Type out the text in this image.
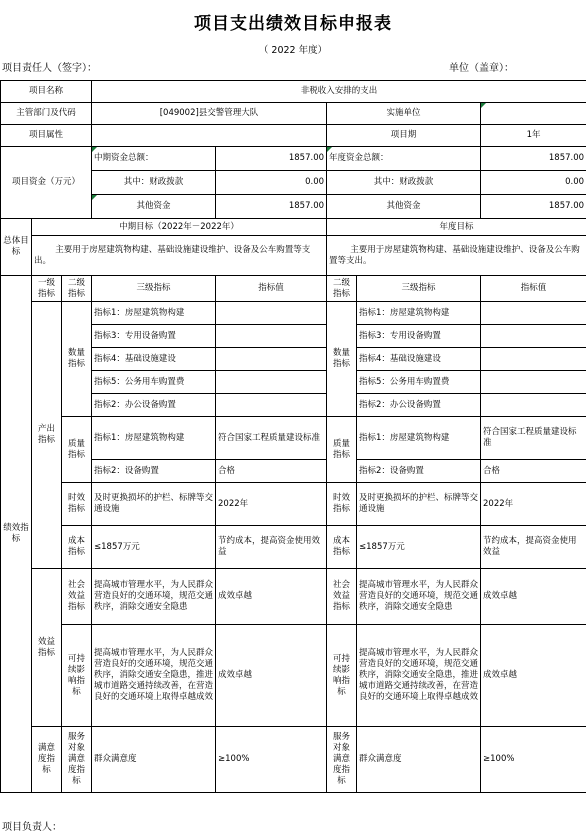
项目支出绩效目标申报表
（ 2022 年度）
项目责任人（签字）：	单位（盖章）：
项目名称			非税收入安排的支出				
主管部门及代码			[049002]县交警管理大队		实施单位		
项目属性					项目期		1年
项目资金（万元）			中期资金总额：	1857.00	年度资金总额：		1857.00
			其中：财政拨款	0.00	其中：财政拨款		0.00
			其他资金	1857.00	其他资金		1857.00
总体目标	中期目标（2022年－2022年）				年度目标		
	主要用于房屋建筑物构建、基础设施建设维护、设备及公车购置等支出。				主要用于房屋建筑物构建、基础设施建设维护、设备及公车购置等支出。		
绩效指标	一级指标	二级指标	三级指标	指标值	二级指标	三级指标	指标值
	产出指标	数量指标	指标1：房屋建筑物构建		数量指标	指标1：房屋建筑物构建	
			指标3：专用设备购置			指标3：专用设备购置	
			指标4：基础设施建设			指标4：基础设施建设	
			指标5：公务用车购置费			指标5：公务用车购置费	
			指标2：办公设备购置			指标2：办公设备购置	
		质量指标	指标1：房屋建筑物构建	符合国家工程质量建设标准	质量指标	指标1：房屋建筑物构建	符合国家工程质量建设标准
			指标2：设备购置	合格		指标2：设备购置	合格
		时效指标	及时更换损坏的护栏、标牌等交通设施	2022年	时效指标	及时更换损坏的护栏、标牌等交通设施	2022年
		成本指标	≤1857万元	节约成本，提高资金使用效益	成本指标	≤1857万元	节约成本，提高资金使用效益
	效益指标	社会效益指标	提高城市管理水平，为人民群众营造良好的交通环境，规范交通秩序，消除交通安全隐患	成效卓越	社会效益指标	提高城市管理水平，为人民群众营造良好的交通环境，规范交通秩序，消除交通安全隐患	成效卓越
		可持续影响指标	提高城市管理水平，为人民群众营造良好的交通环境，规范交通秩序，消除交通安全隐患，推进城市道路交通持续改善，在营造良好的交通环境上取得卓越成效	成效卓越	可持续影响指标	提高城市管理水平，为人民群众营造良好的交通环境，规范交通秩序，消除交通安全隐患，推进城市道路交通持续改善，在营造良好的交通环境上取得卓越成效	成效卓越
	满意度指标	服务对象满意度指标	群众满意度	≥100%	服务对象满意度指标	群众满意度	≥100%
项目负责人：
